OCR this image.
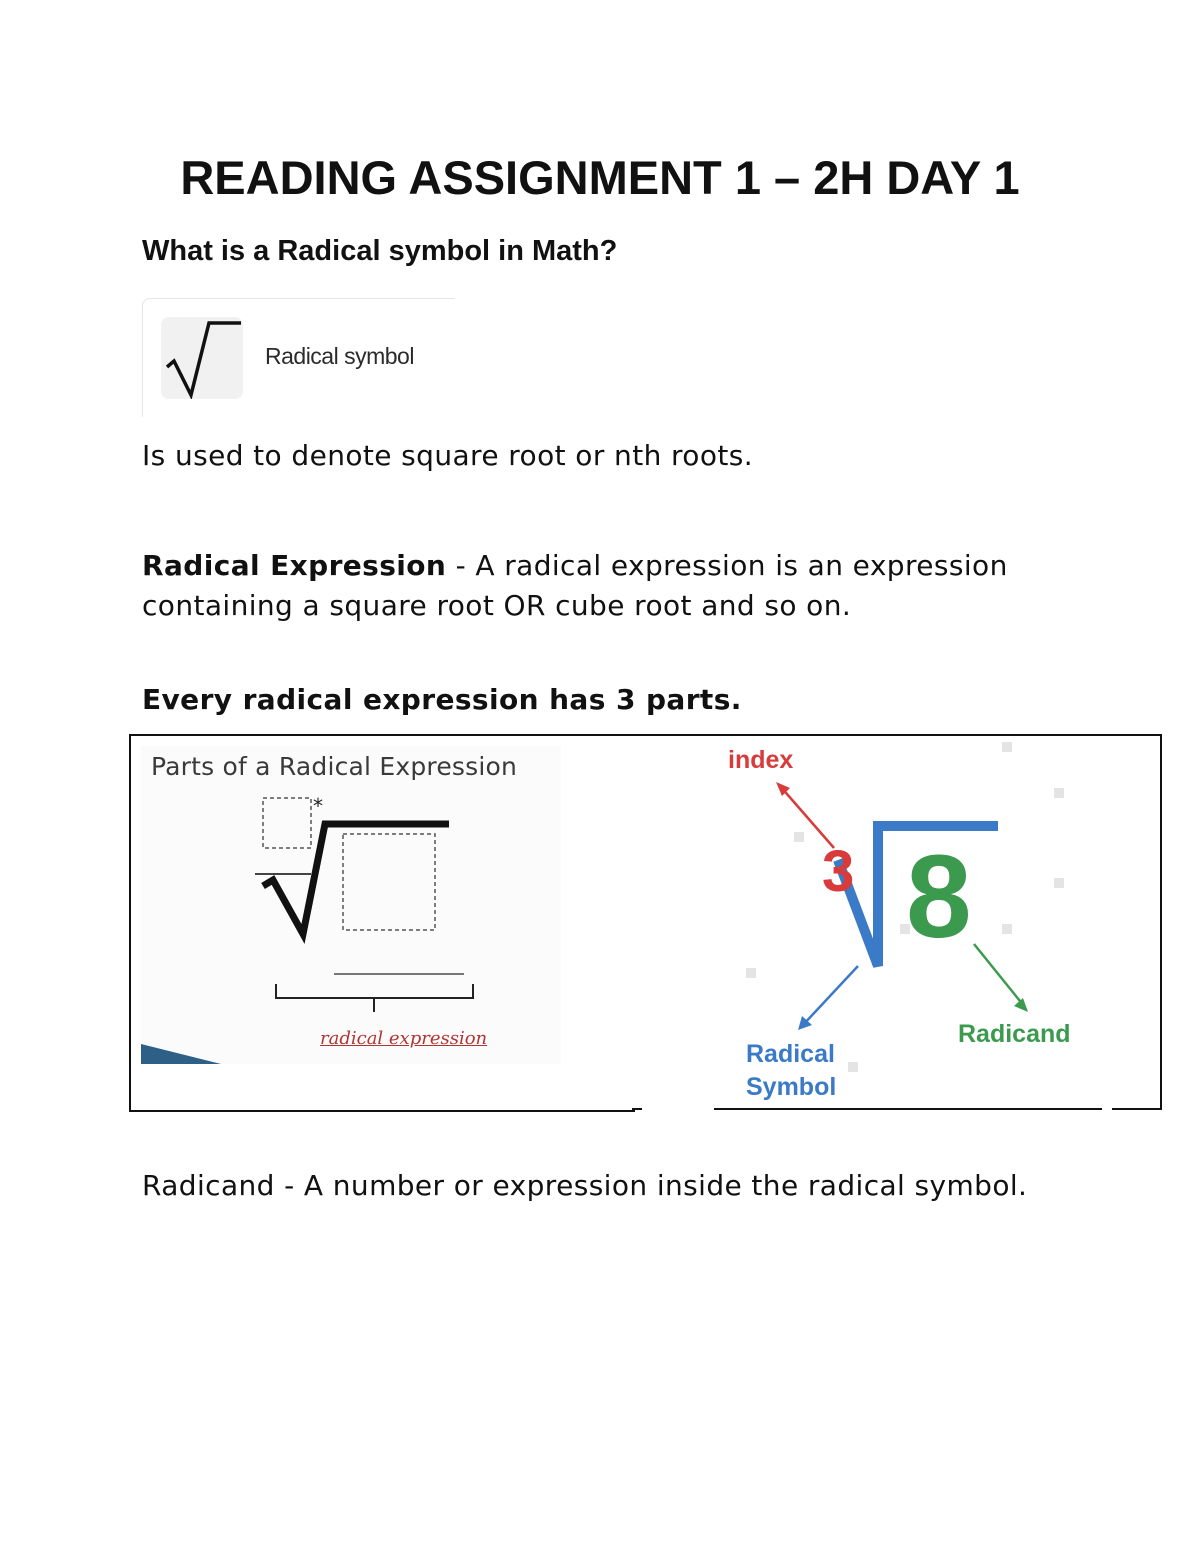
READING ASSIGNMENT 1 – 2H DAY 1

What is a Radical symbol in Math?

Radical symbol

Is used to denote square root or nth roots.

Radical Expression - A radical expression is an expression containing a square root OR cube root and so on.

Every radical expression has 3 parts.

Parts of a Radical Expression
*
radical expression
index
3 8
Radical Symbol
Radicand

Radicand - A number or expression inside the radical symbol.
